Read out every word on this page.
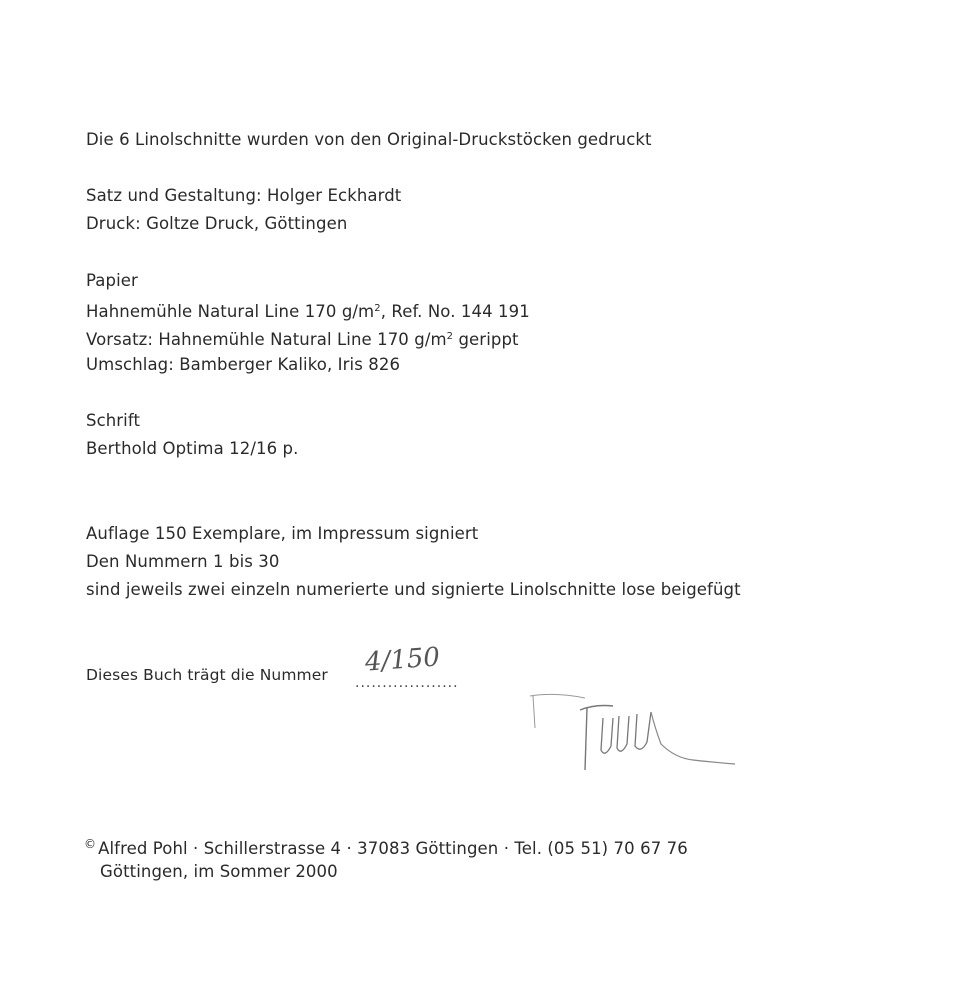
Die 6 Linolschnitte wurden von den Original-Druckstöcken gedruckt
Satz und Gestaltung: Holger Eckhardt
Druck: Goltze Druck, Göttingen
Papier
Hahnemühle Natural Line 170 $g/m^2$, Ref. No. 144 191
Vorsatz: Hahnemühle Natural Line 170 $g/m^2$ gerippt
Umschlag: Bamberger Kaliko, Iris 826
Schrift
Berthold Optima 12/16 p.
Auflage 150 Exemplare, im Impressum signiert
Den Nummern 1 bis 30
sind jeweils zwei einzeln numerierte und signierte Linolschnitte lose beigefügt
Dieses Buch trägt die Nummer ...................
4/150
© Alfred Pohl · Schillerstrasse 4 · 37083 Göttingen · Tel. (05 51) 70 67 76
Göttingen, im Sommer 2000
